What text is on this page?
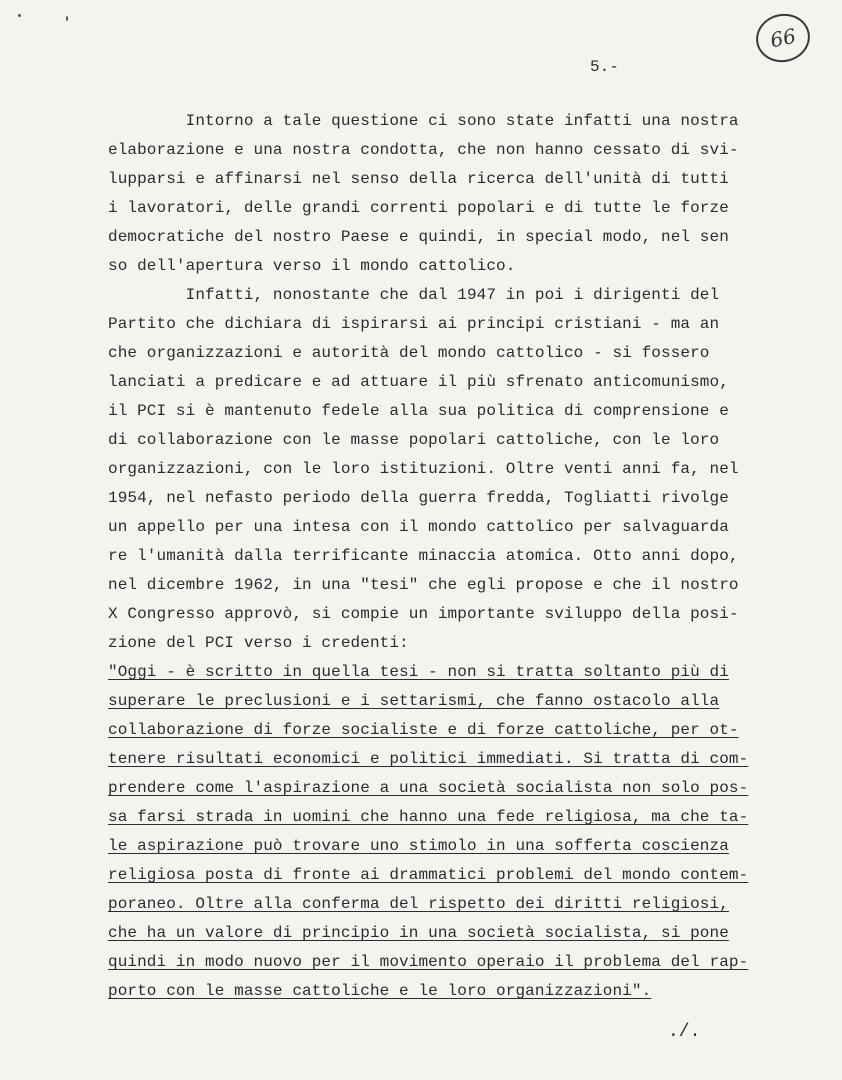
66
5.-
Intorno a tale questione ci sono state infatti una nostra
elaborazione e una nostra condotta, che non hanno cessato di svi-
lupparsi e affinarsi nel senso della ricerca dell'unità di tutti
i lavoratori, delle grandi correnti popolari e di tutte le forze
democratiche del nostro Paese e quindi, in special modo, nel sen
so dell'apertura verso il mondo cattolico.
Infatti, nonostante che dal 1947 in poi i dirigenti del
Partito che dichiara di ispirarsi ai principi cristiani - ma an
che organizzazioni e autorità del mondo cattolico - si fossero
lanciati a predicare e ad attuare il più sfrenato anticomunismo,
il PCI si è mantenuto fedele alla sua politica di comprensione e
di collaborazione con le masse popolari cattoliche, con le loro
organizzazioni, con le loro istituzioni. Oltre venti anni fa, nel
1954, nel nefasto periodo della guerra fredda, Togliatti rivolge
un appello per una intesa con il mondo cattolico per salvaguarda
re l'umanità dalla terrificante minaccia atomica. Otto anni dopo,
nel dicembre 1962, in una "tesi" che egli propose e che il nostro
X Congresso approvò, si compie un importante sviluppo della posi-
zione del PCI verso i credenti:
"Oggi - è scritto in quella tesi - non si tratta soltanto più di
superare le preclusioni e i settarismi, che fanno ostacolo alla
collaborazione di forze socialiste e di forze cattoliche, per ot-
tenere risultati economici e politici immediati. Si tratta di com-
prendere come l'aspirazione a una società socialista non solo pos-
sa farsi strada in uomini che hanno una fede religiosa, ma che ta-
le aspirazione può trovare uno stimolo in una sofferta coscienza
religiosa posta di fronte ai drammatici problemi del mondo contem-
poraneo. Oltre alla conferma del rispetto dei diritti religiosi,
che ha un valore di principio in una società socialista, si pone
quindi in modo nuovo per il movimento operaio il problema del rap-
porto con le masse cattoliche e le loro organizzazioni".
./.
